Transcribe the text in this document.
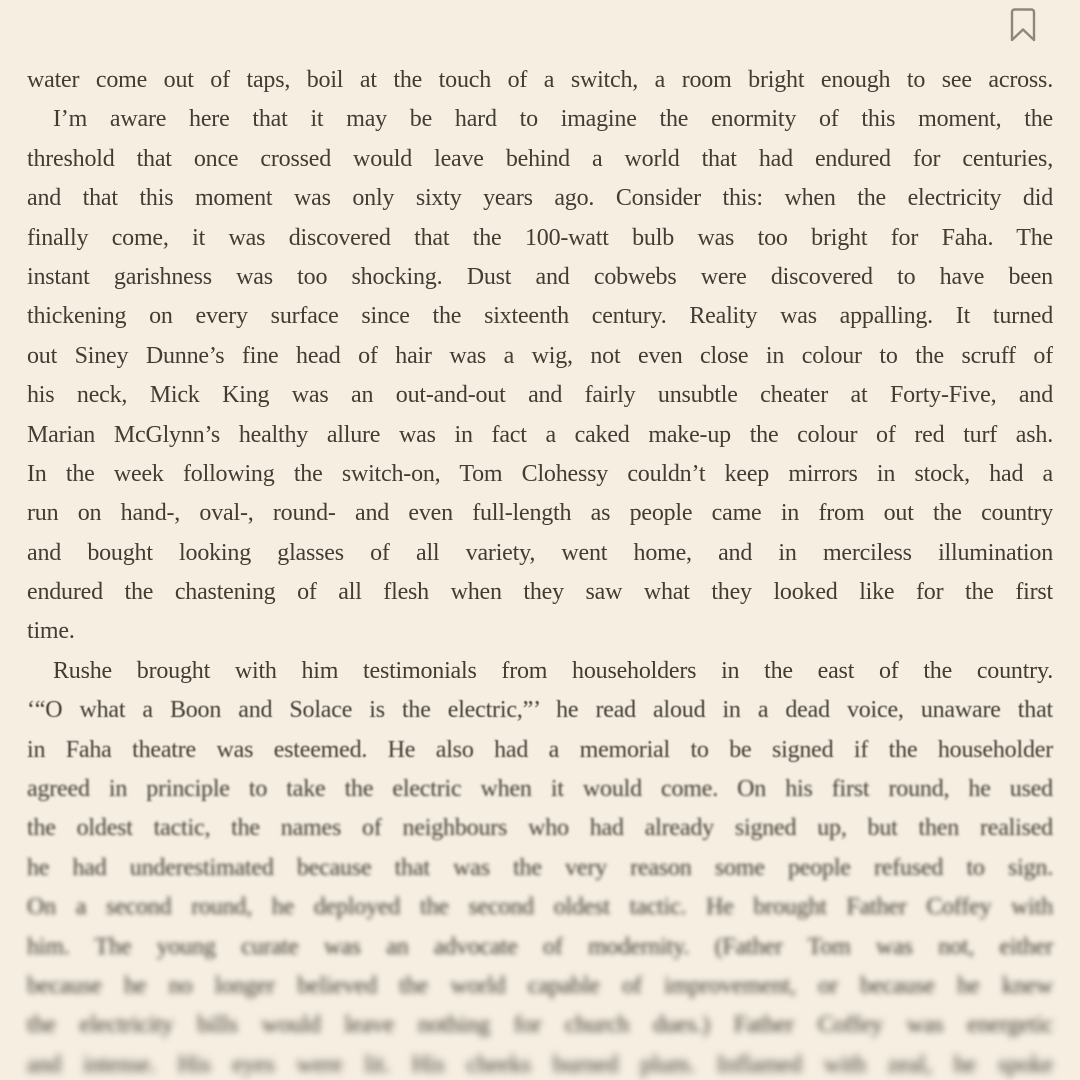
water come out of taps, boil at the touch of a switch, a room bright enough to see across.
I’m aware here that it may be hard to imagine the enormity of this moment, the
threshold that once crossed would leave behind a world that had endured for centuries,
and that this moment was only sixty years ago. Consider this: when the electricity did
finally come, it was discovered that the 100-watt bulb was too bright for Faha. The
instant garishness was too shocking. Dust and cobwebs were discovered to have been
thickening on every surface since the sixteenth century. Reality was appalling. It turned
out Siney Dunne’s fine head of hair was a wig, not even close in colour to the scruff of
his neck, Mick King was an out-and-out and fairly unsubtle cheater at Forty-Five, and
Marian McGlynn’s healthy allure was in fact a caked make-up the colour of red turf ash.
In the week following the switch-on, Tom Clohessy couldn’t keep mirrors in stock, had a
run on hand-, oval-, round- and even full-length as people came in from out the country
and bought looking glasses of all variety, went home, and in merciless illumination
endured the chastening of all flesh when they saw what they looked like for the first
time.
Rushe brought with him testimonials from householders in the east of the country.
‘“O what a Boon and Solace is the electric,”’ he read aloud in a dead voice, unaware that
in Faha theatre was esteemed. He also had a memorial to be signed if the householder
agreed in principle to take the electric when it would come. On his first round, he used
the oldest tactic, the names of neighbours who had already signed up, but then realised
he had underestimated because that was the very reason some people refused to sign.
On a second round, he deployed the second oldest tactic. He brought Father Coffey with
him. The young curate was an advocate of modernity. (Father Tom was not, either
because he no longer believed the world capable of improvement, or because he knew
the electricity bills would leave nothing for church dues.) Father Coffey was energetic
and intense. His eyes were lit. His cheeks burned plum. Inflamed with zeal, he spoke
